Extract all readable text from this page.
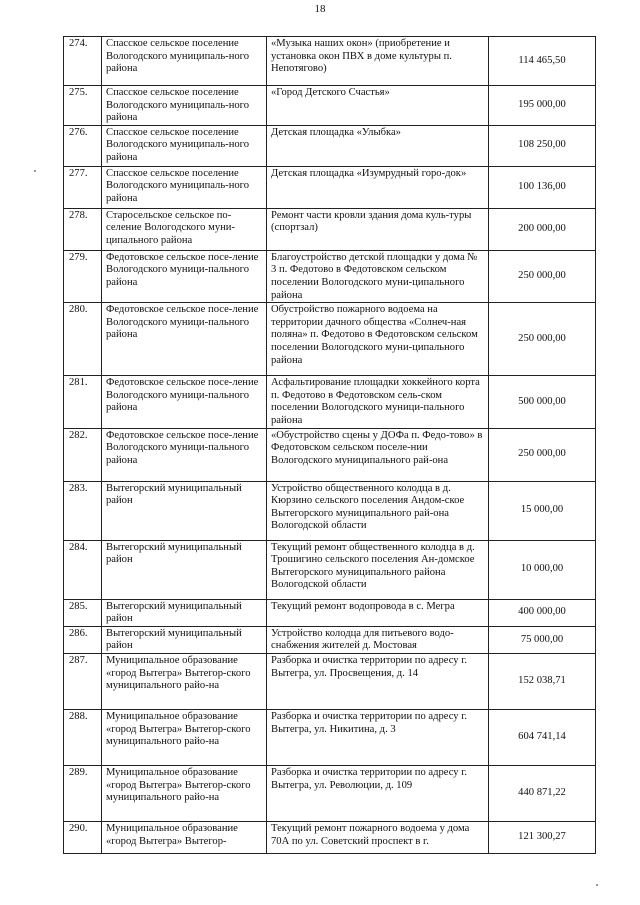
18
274.	Спасское сельское поселение Вологодского муниципаль-ного района	«Музыка наших окон» (приобретение и установка окон ПВХ в доме культуры п. Непотягово)	114 465,50
275.	Спасское сельское поселение Вологодского муниципаль-ного района	«Город Детского Счастья»	195 000,00
276.	Спасское сельское поселение Вологодского муниципаль-ного района	Детская площадка «Улыбка»	108 250,00
277.	Спасское сельское поселение Вологодского муниципаль-ного района	Детская площадка «Изумрудный горо-док»	100 136,00
278.	Старосельское сельское по-селение Вологодского муни-ципального района	Ремонт части кровли здания дома куль-туры (спортзал)	200 000,00
279.	Федотовское сельское посе-ление Вологодского муници-пального района	Благоустройство детской площадки у дома № 3 п. Федотово в Федотовском сельском поселении Вологодского муни-ципального района	250 000,00
280.	Федотовское сельское посе-ление Вологодского муници-пального района	Обустройство пожарного водоема на территории дачного общества «Солнеч-ная поляна» п. Федотово в Федотовском сельском поселении Вологодского муни-ципального района	250 000,00
281.	Федотовское сельское посе-ление Вологодского муници-пального района	Асфальтирование площадки хоккейного корта п. Федотово в Федотовском сель-ском поселении Вологодского муници-пального района	500 000,00
282.	Федотовское сельское посе-ление Вологодского муници-пального района	«Обустройство сцены у ДОФа п. Федо-тово» в Федотовском сельском поселе-нии Вологодского муниципального рай-она	250 000,00
283.	Вытегорский муниципальный район	Устройство общественного колодца в д. Кюрзино сельского поселения Андом-ское Вытегорского муниципального рай-она Вологодской области	15 000,00
284.	Вытегорский муниципальный район	Текущий ремонт общественного колодца в д. Трошигино сельского поселения Ан-домское Вытегорского муниципального района Вологодской области	10 000,00
285.	Вытегорский муниципальный район	Текущий ремонт водопровода в с. Мегра	400 000,00
286.	Вытегорский муниципальный район	Устройство колодца для питьевого водо-снабжения жителей д. Мостовая	75 000,00
287.	Муниципальное образование «город Вытегра» Вытегор-ского муниципального райо-на	Разборка и очистка территории по адресу г. Вытегра, ул. Просвещения, д. 14	152 038,71
288.	Муниципальное образование «город Вытегра» Вытегор-ского муниципального райо-на	Разборка и очистка территории по адресу г. Вытегра, ул. Никитина, д. 3	604 741,14
289.	Муниципальное образование «город Вытегра» Вытегор-ского муниципального райо-на	Разборка и очистка территории по адресу г. Вытегра, ул. Революции, д. 109	440 871,22
290.	Муниципальное образование «город Вытегра» Вытегор-	Текущий ремонт пожарного водоема у дома 70А по ул. Советский проспект в г.	121 300,27
